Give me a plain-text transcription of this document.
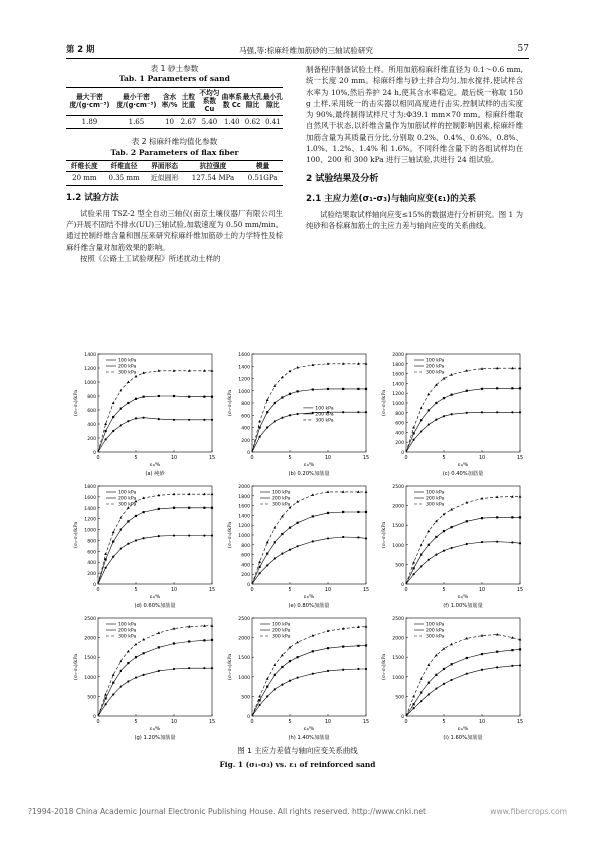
第 2 期	马强,等:棕麻纤维加筋砂的三轴试验研究	57
表 1 砂土参数
Tab. 1 Parameters of sand
最大干密度/(g·cm⁻³)	最小干密度/(g·cm⁻³)	含水率/%	土粒比重	不均匀系数 Cu	曲率系数 Cc	最大孔隙比	最小孔隙比
1.89	1.65	10	2.67	5.40	1.40	0.62	0.41
表 2 棕麻纤维均值化参数
Tab. 2 Parameters of flax fiber
纤维长度	纤维直径	界面形态	抗拉强度	模量
20 mm	0.35 mm	近似圆形	127.54 MPa	0.51GPa
1.2 试验方法

试验采用 TSZ-2 型全自动三轴仪(南京土壤仪器厂有限公司生产)开展不固结不排水(UU)三轴试验,加载速度为 0.50 mm/min。通过控制纤维含量和围压来研究棕麻纤维加筋砂土的力学特性及棕麻纤维含量对加筋效果的影响。

按照《公路土工试验规程》所述扰动土样的

制备程序制备试验土样。所用加筋棕麻纤维直径为 0.1～0.6 mm,统一长度 20 mm。棕麻纤维与砂土拌合均匀,加水搅拌,使试样含水率为 10%,然后养护 24 h,使其含水率稳定。最后统一称取 150 g 土样,采用统一的击实器以相同高度进行击实,控制试样的击实度为 90%,最终制得试样尺寸为:Φ39.1 mm×70 mm。棕麻纤维取自然风干状态,以纤维含量作为加筋试样的控制影响因素,棕麻纤维加筋含量为其质量百分比,分别取 0.2%、0.4%、0.6%、0.8%、1.0%、1.2%、1.4% 和 1.6%。不同纤维含量下的各组试样均在 100、200 和 300 kPa 进行三轴试验,共进行 24 组试验。

2 试验结果及分析
2.1 主应力差(σ₁-σ₃)与轴向应变(ε₁)的关系

试验结果取试样轴向应变≤15%的数据进行分析研究。图 1 为纯砂和各棕麻加筋土的主应力差与轴向应变的关系曲线。

0
200
400
600
800
1000
1200
1400
0	5	10	15
ε₁/%
(σ₁-σ₃)/kPa
(a) 纯砂
100 kPa
200 kPa
300 kPa
0
200
400
600
800
1000
1200
1400
1600
0	5	10	15
ε₁/%
(σ₁-σ₃)/kPa
(b) 0.20%加筋量
100 kPa
200 kPa
300 kPa
0
200
400
600
800
1000
1200
1400
1600
1800
2000
0	5	10	15
ε₁/%
(σ₁-σ₃)/kPa
(c) 0.40%加筋量
100 kPa
200 kPa
300 kPa
0
200
400
600
800
1000
1200
1400
1600
1800
0	5	10	15
ε₁/%
(σ₁-σ₃)/kPa
(d) 0.60%加筋量
100 kPa
200 kPa
300 kPa
0
200
400
600
800
1000
1200
1400
1600
1800
2000
0	5	10	15
ε₁/%
(σ₁-σ₃)/kPa
(e) 0.80%加筋量
100 kPa
200 kPa
300 kPa
0
500
1000
1500
2000
2500
0	5	10	15
ε₁/%
(σ₁-σ₃)/kPa
(f) 1.00%加筋量
100 kPa
200 kPa
300 kPa
0
500
1000
1500
2000
2500
0	5	10	15
ε₁/%
(σ₁-σ₃)/kPa
(g) 1.20%加筋量
100 kPa
200 kPa
300 kPa
0
500
1000
1500
2000
2500
0	5	10	15
ε₁/%
(σ₁-σ₃)/kPa
(h) 1.40%加筋量
100 kPa
200 kPa
300 kPa
0
500
1000
1500
2000
2500
0	5	10	15
ε₁/%
(σ₁-σ₃)/kPa
(i) 1.60%加筋量
100 kPa
200 kPa
300 kPa
图 1 主应力差值与轴向应变关系曲线
Fig. 1 (σ₁-σ₃) vs. ε₁ of reinforced sand
?1994-2018 China Academic Journal Electronic Publishing House. All rights reserved. http://www.cnki.net	www.fibercrops.com
